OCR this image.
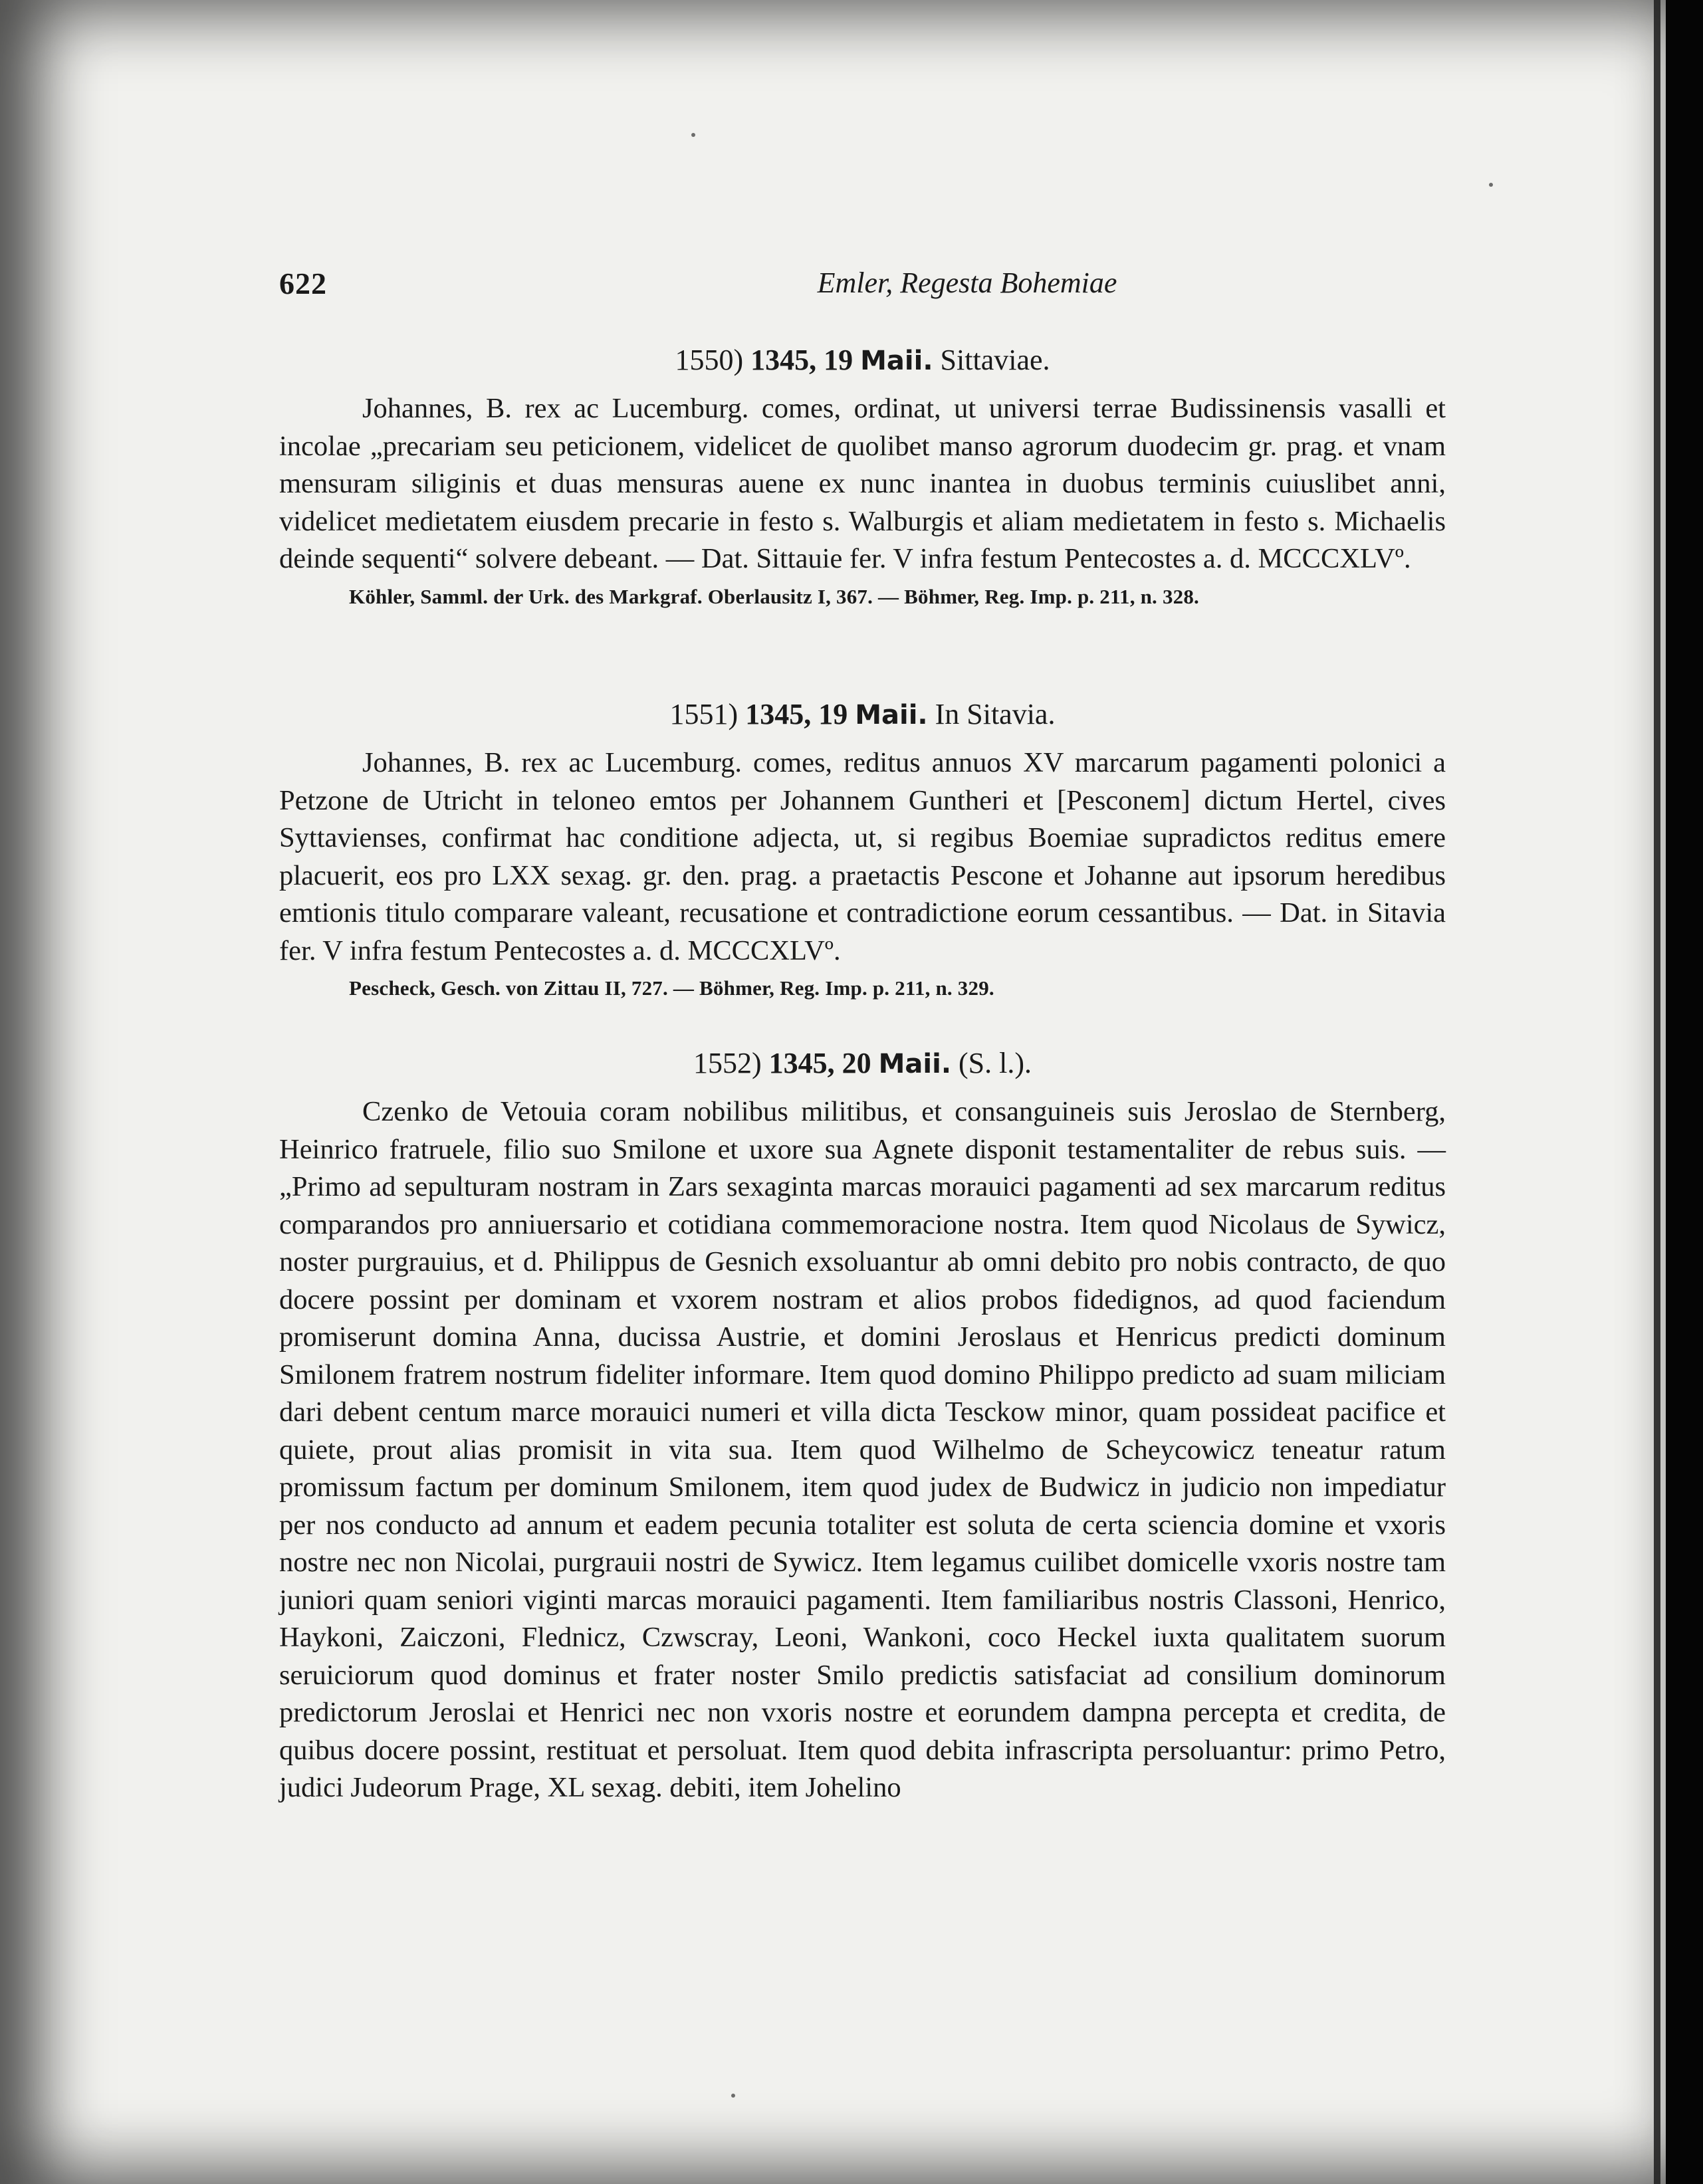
622	Emler, Regesta Bohemiae
1550) 1345, 19 Maii. Sittaviae.

Johannes, B. rex ac Lucemburg. comes, ordinat, ut universi terrae Budissinensis vasalli et incolae „precariam seu peticionem, videlicet de quolibet manso agrorum duodecim gr. prag. et vnam mensuram siliginis et duas mensuras auene ex nunc inantea in duobus terminis cuiuslibet anni, videlicet medietatem eiusdem precarie in festo s. Walburgis et aliam medietatem in festo s. Michaelis deinde sequenti“ solvere debeant. — Dat. Sittauie fer. V infra festum Pentecostes a. d. MCCCXLVº.

Köhler, Samml. der Urk. des Markgraf. Oberlausitz I, 367. — Böhmer, Reg. Imp. p. 211, n. 328.

1551) 1345, 19 Maii. In Sitavia.

Johannes, B. rex ac Lucemburg. comes, reditus annuos XV marcarum pagamenti polonici a Petzone de Utricht in teloneo emtos per Johannem Guntheri et [Pesconem] dictum Hertel, cives Syttavienses, confirmat hac conditione adjecta, ut, si regibus Boemiae supradictos reditus emere placuerit, eos pro LXX sexag. gr. den. prag. a praetactis Pescone et Johanne aut ipsorum heredibus emtionis titulo comparare valeant, recusatione et contradictione eorum cessantibus. — Dat. in Sitavia fer. V infra festum Pentecostes a. d. MCCCXLVº.

Pescheck, Gesch. von Zittau II, 727. — Böhmer, Reg. Imp. p. 211, n. 329.

1552) 1345, 20 Maii. (S. l.).

Czenko de Vetouia coram nobilibus militibus, et consanguineis suis Jeroslao de Sternberg, Heinrico fratruele, filio suo Smilone et uxore sua Agnete disponit testamentaliter de rebus suis. — „Primo ad sepulturam nostram in Zars sexaginta marcas morauici pagamenti ad sex marcarum reditus comparandos pro anniuersario et cotidiana commemoracione nostra. Item quod Nicolaus de Sywicz, noster purgrauius, et d. Philippus de Gesnich exsoluantur ab omni debito pro nobis contracto, de quo docere possint per dominam et vxorem nostram et alios probos fidedignos, ad quod faciendum promiserunt domina Anna, ducissa Austrie, et domini Jeroslaus et Henricus predicti dominum Smilonem fratrem nostrum fideliter informare. Item quod domino Philippo predicto ad suam miliciam dari debent centum marce morauici numeri et villa dicta Tesckow minor, quam possideat pacifice et quiete, prout alias promisit in vita sua. Item quod Wilhelmo de Scheycowicz teneatur ratum promissum factum per dominum Smilonem, item quod judex de Budwicz in judicio non impediatur per nos conducto ad annum et eadem pecunia totaliter est soluta de certa sciencia domine et vxoris nostre nec non Nicolai, purgrauii nostri de Sywicz. Item legamus cuilibet domicelle vxoris nostre tam juniori quam seniori viginti marcas morauici pagamenti. Item familiaribus nostris Classoni, Henrico, Haykoni, Zaiczoni, Flednicz, Czwscray, Leoni, Wankoni, coco Heckel iuxta qualitatem suorum seruiciorum quod dominus et frater noster Smilo predictis satisfaciat ad consilium dominorum predictorum Jeroslai et Henrici nec non vxoris nostre et eorundem dampna percepta et credita, de quibus docere possint, restituat et persoluat. Item quod debita infrascripta persoluantur: primo Petro, judici Judeorum Prage, XL sexag. debiti, item Johelino
